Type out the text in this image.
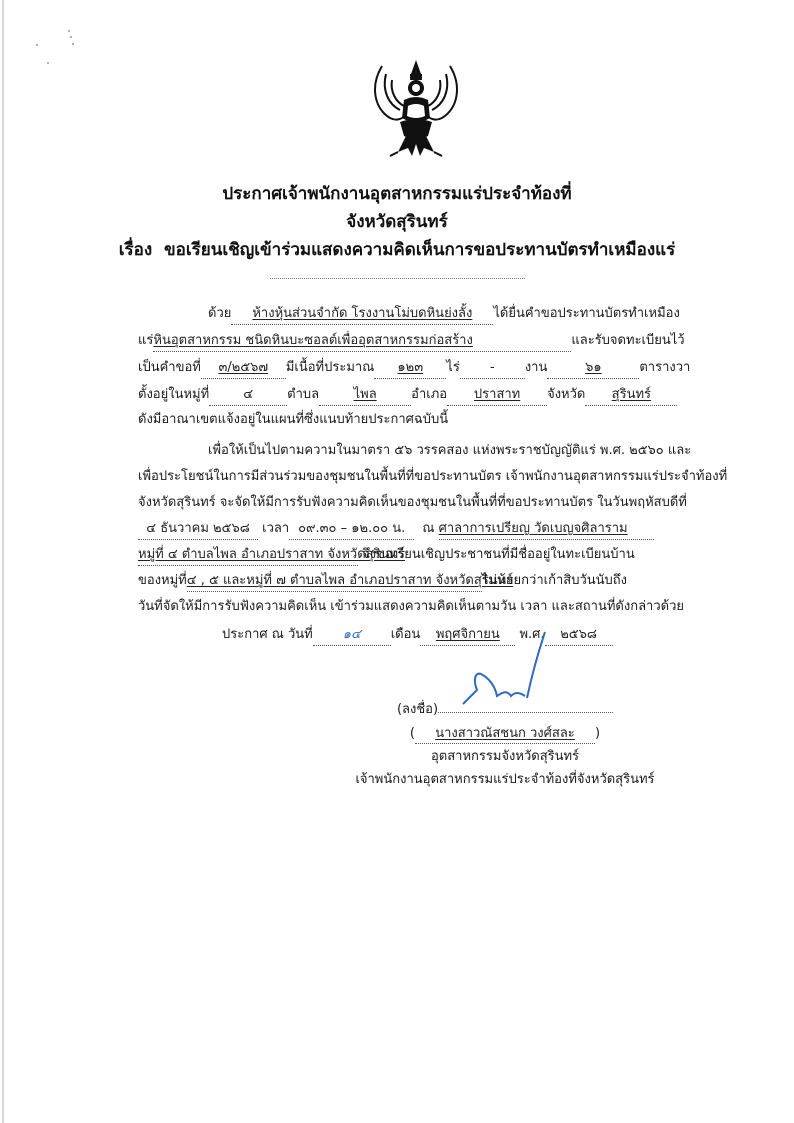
ประกาศเจ้าพนักงานอุตสาหกรรมแร่ประจำท้องที่
จังหวัดสุรินทร์
เรื่อง ขอเรียนเชิญเข้าร่วมแสดงความคิดเห็นการขอประทานบัตรทำเหมืองแร่
ด้วย ห้างหุ้นส่วนจำกัด โรงงานโม่บดหินย่งลั้ง ได้ยื่นคำขอประทานบัตรทำเหมือง
แร่หินอุตสาหกรรม ชนิดหินบะซอลต์เพื่ออุตสาหกรรมก่อสร้าง	และรับจดทะเบียนไว้
เป็นคำขอที่ ๓/๒๕๖๗ มีเนื้อที่ประมาณ ๑๒๓ ไร่ - งาน	๖๑	ตารางวา
ตั้งอยู่ในหมู่ที่	๔	ตำบล	ไพล	อำเภอ ปราสาท จังหวัด สุรินทร์
ดังมีอาณาเขตแจ้งอยู่ในแผนที่ซึ่งแนบท้ายประกาศฉบับนี้
เพื่อให้เป็นไปตามความในมาตรา ๕๖ วรรคสอง แห่งพระราชบัญญัติแร่ พ.ศ. ๒๕๖๐ และ
เพื่อประโยชน์ในการมีส่วนร่วมของชุมชนในพื้นที่ที่ขอประทานบัตร เจ้าพนักงานอุตสาหกรรมแร่ประจำท้องที่
จังหวัดสุรินทร์ จะจัดให้มีการรับฟังความคิดเห็นของชุมชนในพื้นที่ที่ขอประทานบัตร ในวันพฤหัสบดีที่
๔ ธันวาคม ๒๕๖๘ เวลา ๐๙.๓๐ – ๑๒.๐๐ น. ณ ศาลาการเปรียญ วัดเบญจศิลาราม
หมู่ที่ ๔ ตำบลไพล อำเภอปราสาท จังหวัดสุรินทร์ จึงขอเรียนเชิญประชาชนที่มีชื่ออยู่ในทะเบียนบ้าน
ของหมู่ที่๔ , ๕ และหมู่ที่ ๗ ตำบลไพล อำเภอปราสาท จังหวัดสุรินทร์ไม่น้อยกว่าเก้าสิบวันนับถึง
วันที่จัดให้มีการรับฟังความคิดเห็น เข้าร่วมแสดงความคิดเห็นตามวัน เวลา และสถานที่ดังกล่าวด้วย
ประกาศ ณ วันที่ ๑๔ เดือน พฤศจิกายน พ.ศ. ๒๕๖๘
(ลงชื่อ)
( นางสาวณัสชนก วงศ์สละ )
อุตสาหกรรมจังหวัดสุรินทร์
เจ้าพนักงานอุตสาหกรรมแร่ประจำท้องที่จังหวัดสุรินทร์
